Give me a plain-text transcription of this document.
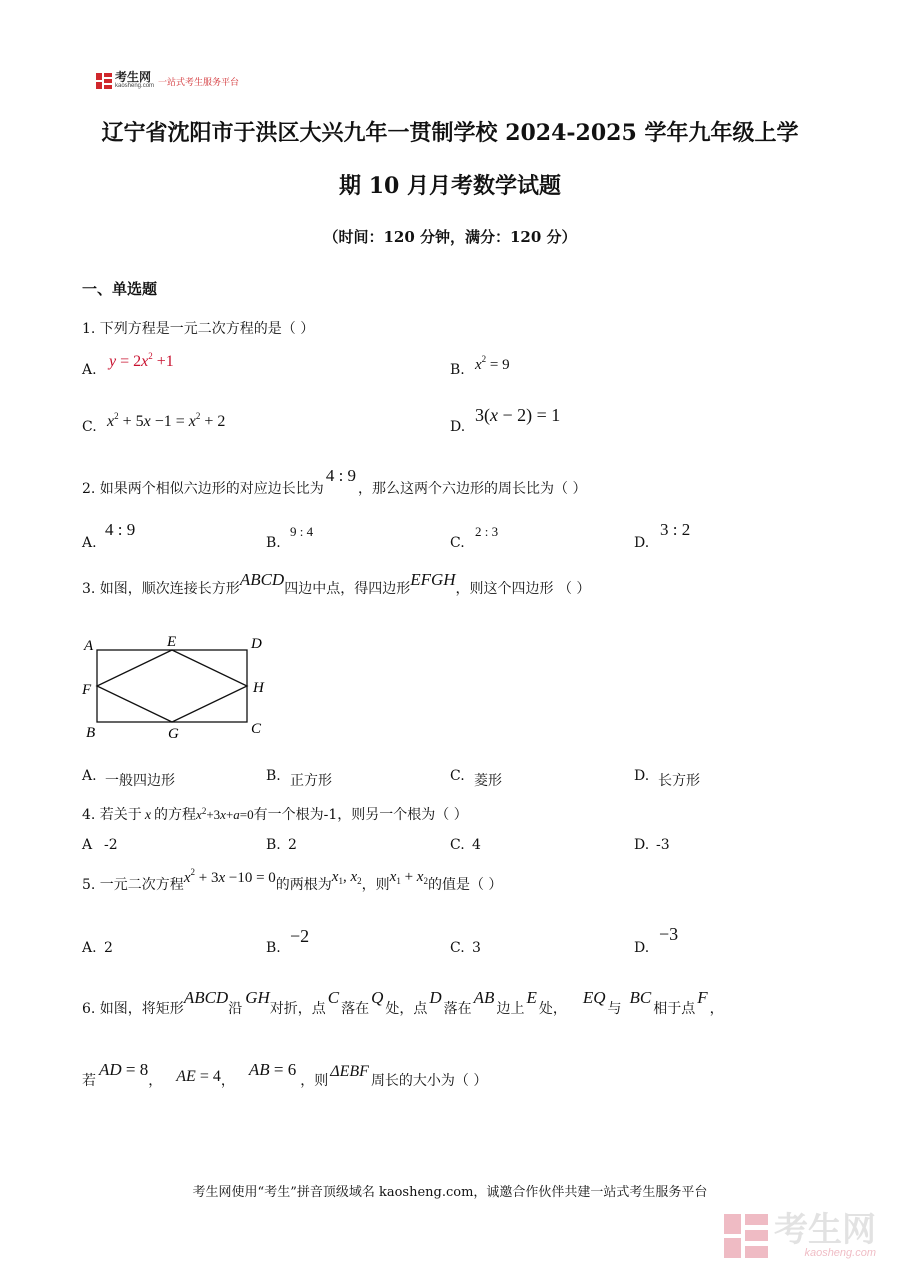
考生网
kaosheng.com 一站式考生服务平台
辽宁省沈阳市于洪区大兴九年一贯制学校 2024-2025 学年九年级上学
期 10 月月考数学试题
（时间：120 分钟，满分：120 分）
一、单选题
1. 下列方程是一元二次方程的是（ ）
A. $y = 2x^2 +1$	B. $x^2 = 9$
C. $x^2 + 5x -1 = x^2 + 2$	D.
3(x − 2) = 1
2. 如果两个相似六边形的对应边长比为
4 : 9
，那么这两个六边形的周长比为（ ）
A.
4 : 9
B.
9 : 4
C.
2 : 3
D.
3 : 2
3. 如图，顺次连接长方形 ABCD 四边中点，得四边形 EFGH ，则这个四边形 （ ）
A	E	D
F	H
B	G	C
A. 一般四边形	B. 正方形	C. 菱形	D. 长方形
4. 若关于 x 的方程 $x^2+3x+a=0$ 有一个根为-1，则另一个根为（ ）
A -2	B. 2	C. 4	D. -3
5. 一元二次方程 $x^2 + 3x -10 = 0$ 的两根为 $x_1$, $x_2$ ，则 $x_1 + x_2$ 的值是（ ）
A. 2	B.
−2
C. 3	D.
−3
6. 如图，将矩形
ABCD
沿
GH
对折，点
C
落在
Q
处，点
D
落在
AB
边上
E
处，
EQ
与
BC
相于点
F
，
若
AD = 8
， AE = 4 ，
AB = 6
，则
ΔEBF
周长的大小为（ ）
考生网使用“考生”拼音顶级域名 kaosheng.com，诚邀合作伙伴共建一站式考生服务平台
考生网
kaosheng.com
